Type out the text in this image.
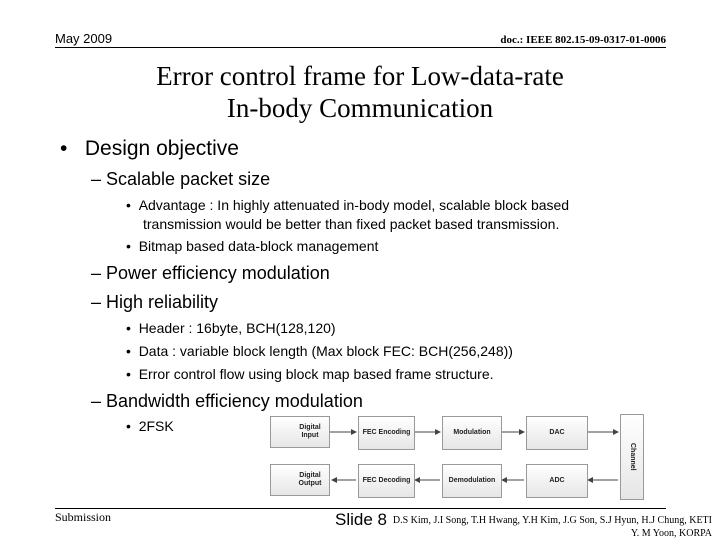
May 2009	doc.: IEEE 802.15-09-0317-01-0006
Error control frame for Low-data-rate
In-body Communication
•   Design objective
– Scalable packet size
•  Advantage : In highly attenuated in-body model, scalable block based transmission would be better than fixed packet based transmission.
•  Bitmap based data-block management
– Power efficiency modulation
– High reliability
•  Header : 16byte, BCH(128,120)
•  Data : variable block length (Max block FEC: BCH(256,248))
•  Error control flow using block map based frame structure.
– Bandwidth efficiency modulation
•  2FSK	Digital Input	FEC Encoding	Modulation	DAC
Digital Output	FEC Decoding	Demodulation	ADC
Channel
Submission	Slide 8 D.S Kim, J.I Song, T.H Hwang, Y.H Kim, J.G Son, S.J Hyun, H.J Chung, KETI
Y. M Yoon, KORPA
